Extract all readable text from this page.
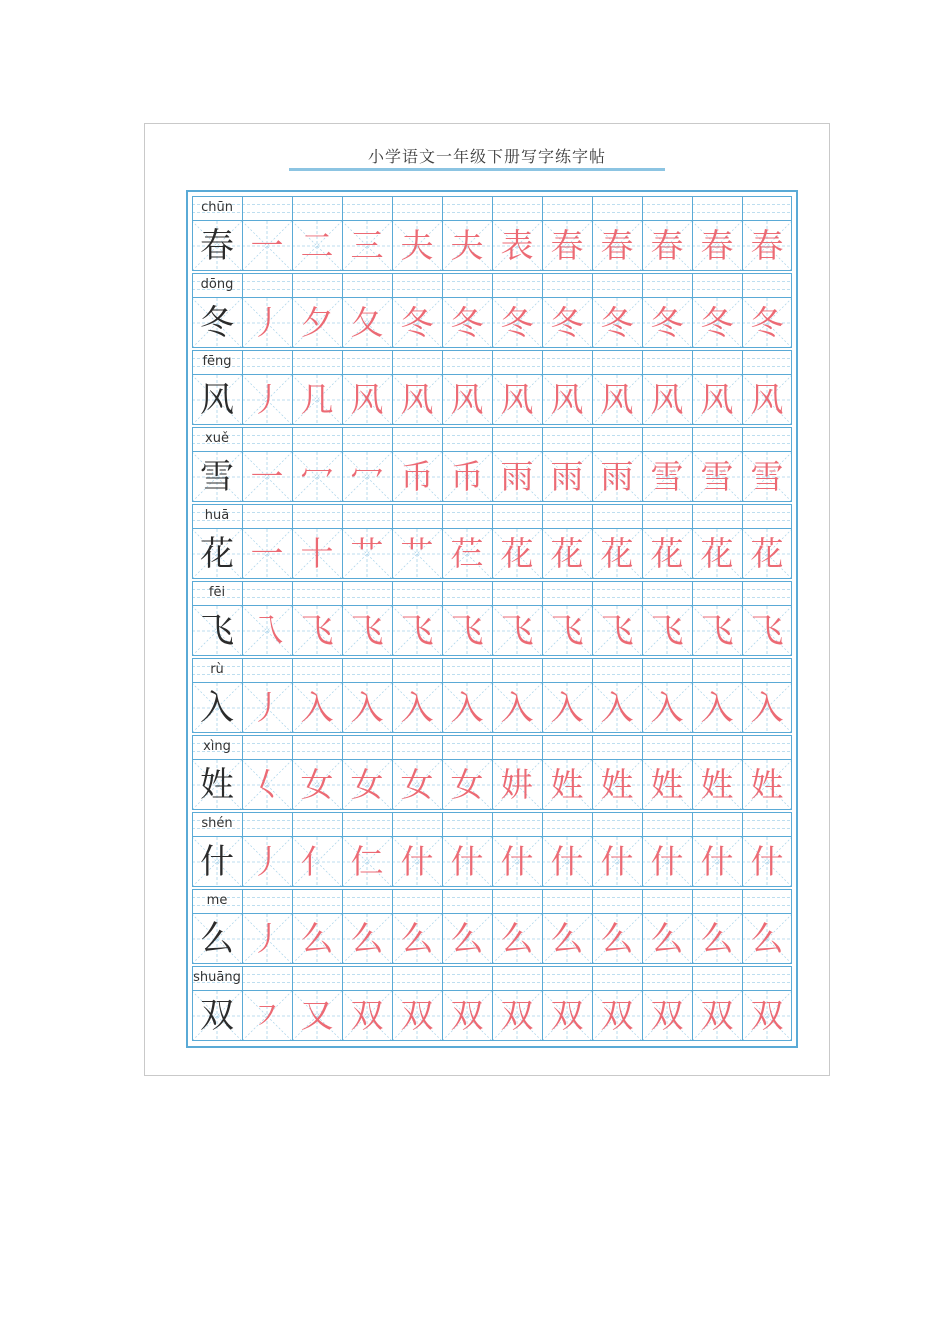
小学语文一年级下册写字练字帖
chūn
春 一 二 三 夫 夫 表 春 春 春 春 春
dōng
冬 丿 夕 夂 冬 冬 冬 冬 冬 冬 冬 冬
fēng
风 丿 几 风 风 风 风 风 风 风 风 风
xuě
雪 一 冖 冖 币 币 雨 雨 雨 雪 雪 雪
huā
花 一 十 艹 艹 芢 花 花 花 花 花 花
fēi
飞 乁 飞 飞 飞 飞 飞 飞 飞 飞 飞 飞
rù
入 丿 入 入 入 入 入 入 入 入 入 入
xìng
姓 𡿨 女 女 女 女 妌 姓 姓 姓 姓 姓
shén
什 丿 亻 仁 什 什 什 什 什 什 什 什
me
么 丿 么 么 么 么 么 么 么 么 么 么
shuāng
双 ㇇ 又 双 双 双 双 双 双 双 双 双
